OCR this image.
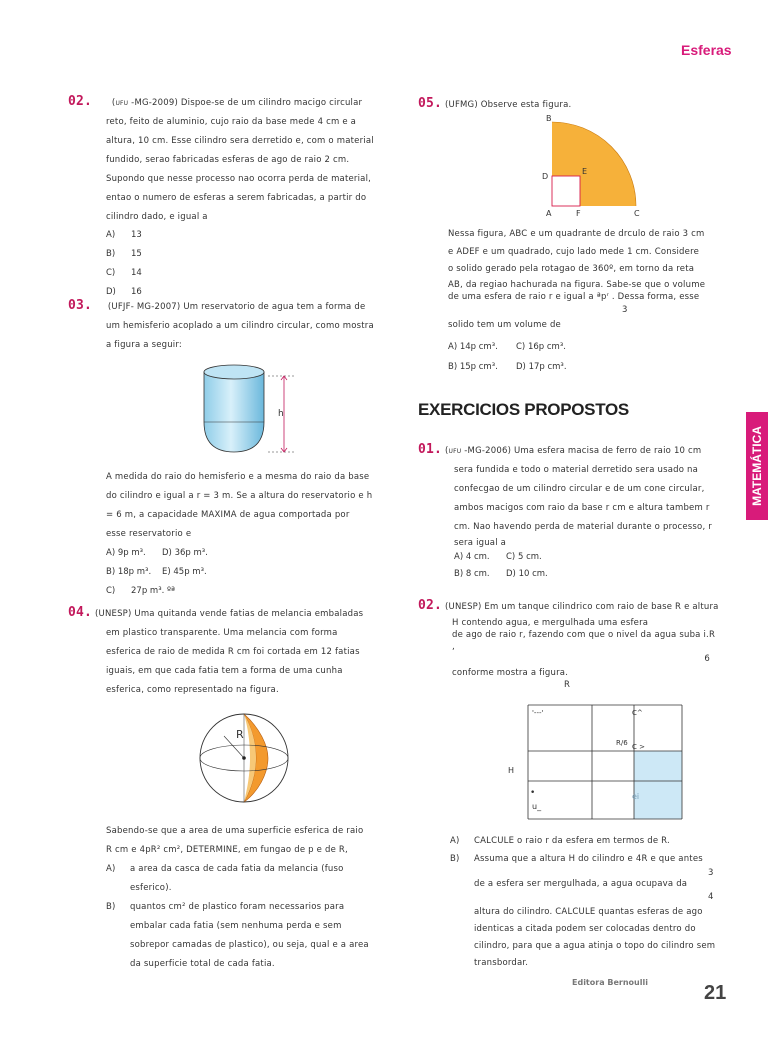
Esferas
MATEMÁTICA
02. (UFU -MG-2009) Dispoe-se de um cilindro macigo circular
reto, feito de aluminio, cujo raio da base mede 4 cm e a
altura, 10 cm. Esse cilindro sera derretido e, com o material
fundido, serao fabricadas esferas de ago de raio 2 cm.
Supondo que nesse processo nao ocorra perda de material,
entao o numero de esferas a serem fabricadas, a partir do
cilindro dado, e igual a
A) 13
B) 15
C) 14
D) 16
03. (UFJF- MG-2007) Um reservatorio de agua tem a forma de
um hemisferio acoplado a um cilindro circular, como mostra
a figura a seguir:
h
A medida do raio do hemisferio e a mesma do raio da base
do cilindro e igual a r = 3 m. Se a altura do reservatorio e h
= 6 m, a capacidade MAXIMA de agua comportada por
esse reservatorio e
A) 9p m³. D) 36p m³.
B) 18p m³. E) 45p m³.
C) 27p m³. ºª
04. (UNESP) Uma quitanda vende fatias de melancia embaladas
em plastico transparente. Uma melancia com forma
esferica de raio de medida R cm foi cortada em 12 fatias
iguais, em que cada fatia tem a forma de uma cunha
esferica, como representado na figura.
R
Sabendo-se que a area de uma superficie esferica de raio
R cm e 4pR² cm², DETERMINE, em fungao de p e de R,
A) a area da casca de cada fatia da melancia (fuso
esferico).
B) quantos cm² de plastico foram necessarios para
embalar cada fatia (sem nenhuma perda e sem
sobrepor camadas de plastico), ou seja, qual e a area
da superficie total de cada fatia.
05. (UFMG) Observe esta figura.
B
D
E
A	F	C
Nessa figura, ABC e um quadrante de drculo de raio 3 cm
e ADEF e um quadrado, cujo lado mede 1 cm. Considere
o solido gerado pela rotagao de 360º, em torno da reta
AB, da regiao hachurada na figura. Sabe-se que o volume
de uma esfera de raio r e igual a ªpʳ . Dessa forma, esse
3
solido tem um volume de
A) 14p cm³. C) 16p cm³.
B) 15p cm³. D) 17p cm³.
EXERCICIOS PROPOSTOS
01. (UFU -MG-2006) Uma esfera macisa de ferro de raio 10 cm
sera fundida e todo o material derretido sera usado na
confecgao de um cilindro circular e de um cone circular,
ambos macigos com raio da base r cm e altura tambem r
cm. Nao havendo perda de material durante o processo, r
sera igual a
A) 4 cm. C) 5 cm.
B) 8 cm. D) 10 cm.
02. (UNESP) Em um tanque cilindrico com raio de base R e altura
H contendo agua, e mergulhada uma esfera
de ago de raio r, fazendo com que o nivel da agua suba i.R
,
6
conforme mostra a figura.
R
'---'	C^
R/6 C >
H
•
u_
ei
A) CALCULE o raio r da esfera em termos de R.
B) Assuma que a altura H do cilindro e 4R e que antes
3
de a esfera ser mergulhada, a agua ocupava da
4
altura do cilindro. CALCULE quantas esferas de ago
identicas a citada podem ser colocadas dentro do
cilindro, para que a agua atinja o topo do cilindro sem
transbordar.
Editora Bernoulli	21
